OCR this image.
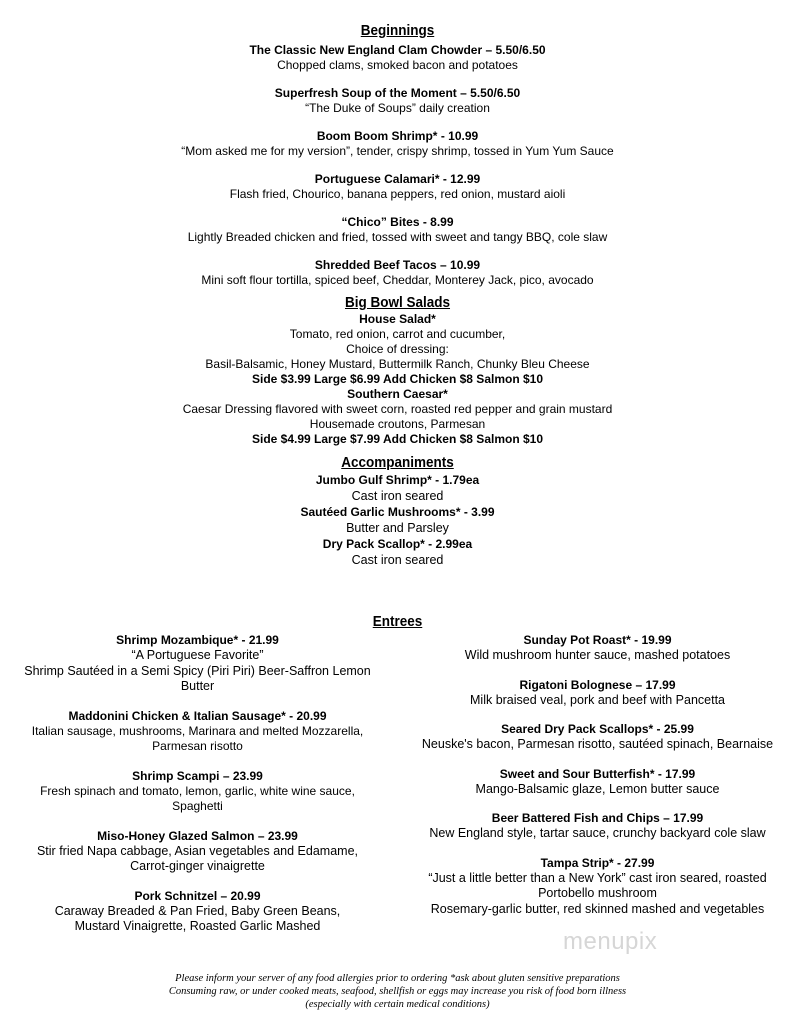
Beginnings
The Classic New England Clam Chowder – 5.50/6.50
Chopped clams, smoked bacon and potatoes
Superfresh Soup of the Moment – 5.50/6.50
“The Duke of Soups” daily creation
Boom Boom Shrimp* - 10.99
“Mom asked me for my version”, tender, crispy shrimp, tossed in Yum Yum Sauce
Portuguese Calamari* - 12.99
Flash fried, Chourico, banana peppers, red onion, mustard aioli
“Chico” Bites - 8.99
Lightly Breaded chicken and fried, tossed with sweet and tangy BBQ, cole slaw
Shredded Beef Tacos – 10.99
Mini soft flour tortilla, spiced beef, Cheddar, Monterey Jack, pico, avocado
Big Bowl Salads
House Salad*
Tomato, red onion, carrot and cucumber,
Choice of dressing:
Basil-Balsamic, Honey Mustard, Buttermilk Ranch, Chunky Bleu Cheese
Side $3.99 Large $6.99 Add Chicken $8 Salmon $10
Southern Caesar*
Caesar Dressing flavored with sweet corn, roasted red pepper and grain mustard
Housemade croutons, Parmesan
Side $4.99 Large $7.99 Add Chicken $8 Salmon $10
Accompaniments
Jumbo Gulf Shrimp* - 1.79ea
Cast iron seared
Sautéed Garlic Mushrooms* - 3.99
Butter and Parsley
Dry Pack Scallop* - 2.99ea
Cast iron seared
Entrees
Shrimp Mozambique* - 21.99
“A Portuguese Favorite”
Shrimp Sautéed in a Semi Spicy (Piri Piri) Beer-Saffron Lemon
Butter
Maddonini Chicken & Italian Sausage* - 20.99
Italian sausage, mushrooms, Marinara and melted Mozzarella,
Parmesan risotto
Shrimp Scampi – 23.99
Fresh spinach and tomato, lemon, garlic, white wine sauce,
Spaghetti
Miso-Honey Glazed Salmon – 23.99
Stir fried Napa cabbage, Asian vegetables and Edamame,
Carrot-ginger vinaigrette
Pork Schnitzel – 20.99
Caraway Breaded & Pan Fried, Baby Green Beans,
Mustard Vinaigrette, Roasted Garlic Mashed
Sunday Pot Roast* - 19.99
Wild mushroom hunter sauce, mashed potatoes
Rigatoni Bolognese – 17.99
Milk braised veal, pork and beef with Pancetta
Seared Dry Pack Scallops* - 25.99
Neuske's bacon, Parmesan risotto, sautéed spinach, Bearnaise
Sweet and Sour Butterfish* - 17.99
Mango-Balsamic glaze, Lemon butter sauce
Beer Battered Fish and Chips – 17.99
New England style, tartar sauce, crunchy backyard cole slaw
Tampa Strip* - 27.99
“Just a little better than a New York” cast iron seared, roasted
Portobello mushroom
Rosemary-garlic butter, red skinned mashed and vegetables
menupix
Please inform your server of any food allergies prior to ordering *ask about gluten sensitive preparations
Consuming raw, or under cooked meats, seafood, shellfish or eggs may increase you risk of food born illness
(especially with certain medical conditions)
